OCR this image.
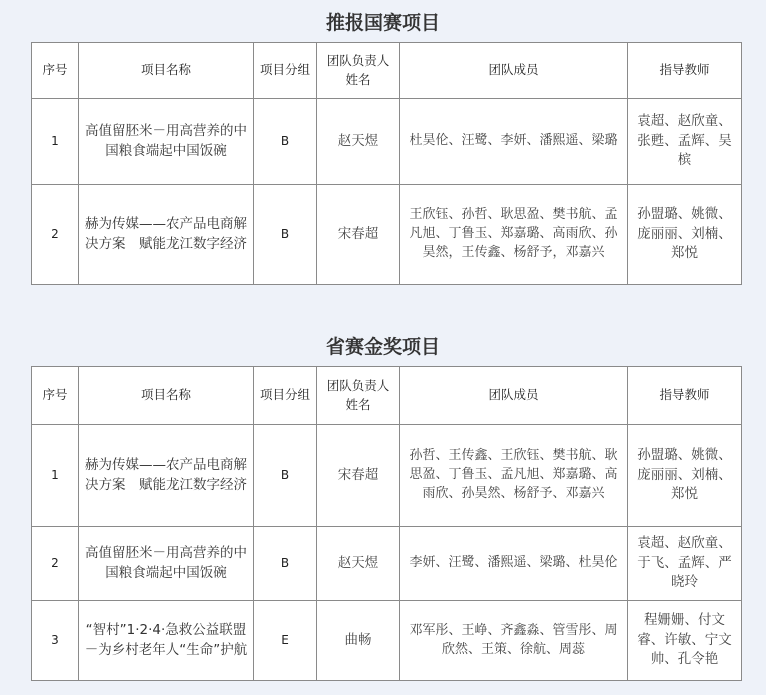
推报国赛项目
序号	项目名称	项目分组	团队负责人姓名	团队成员	指导教师
1	高值留胚米－用高营养的中国粮食端起中国饭碗	B	赵天煜	杜昊伦、汪鹭、李妍、潘熙遥、梁璐	袁超、赵欣童、张甦、孟辉、吴槟
2	赫为传媒——农产品电商解决方案　赋能龙江数字经济	B	宋春超	王欣钰、孙哲、耿思盈、樊书航、孟凡旭、丁鲁玉、郑嘉璐、高雨欣、孙昊然，王传鑫、杨舒予，邓嘉兴	孙盟璐、姚微、庞丽丽、刘楠、郑悦
省赛金奖项目
序号	项目名称	项目分组	团队负责人姓名	团队成员	指导教师
1	赫为传媒——农产品电商解决方案　赋能龙江数字经济	B	宋春超	孙哲、王传鑫、王欣钰、樊书航、耿思盈、丁鲁玉、孟凡旭、郑嘉璐、高雨欣、孙昊然、杨舒予、邓嘉兴	孙盟璐、姚微、庞丽丽、刘楠、郑悦
2	高值留胚米－用高营养的中国粮食端起中国饭碗	B	赵天煜	李妍、汪鹭、潘熙遥、梁璐、杜昊伦	袁超、赵欣童、于飞、孟辉、严晓玲
3	“智村”1·2·4·急救公益联盟－为乡村老年人“生命”护航	E	曲畅	邓军彤、王峥、齐鑫淼、管雪彤、周欣然、王策、徐航、周蕊	程姗姗、付文睿、许敏、宁文帅、孔令艳
